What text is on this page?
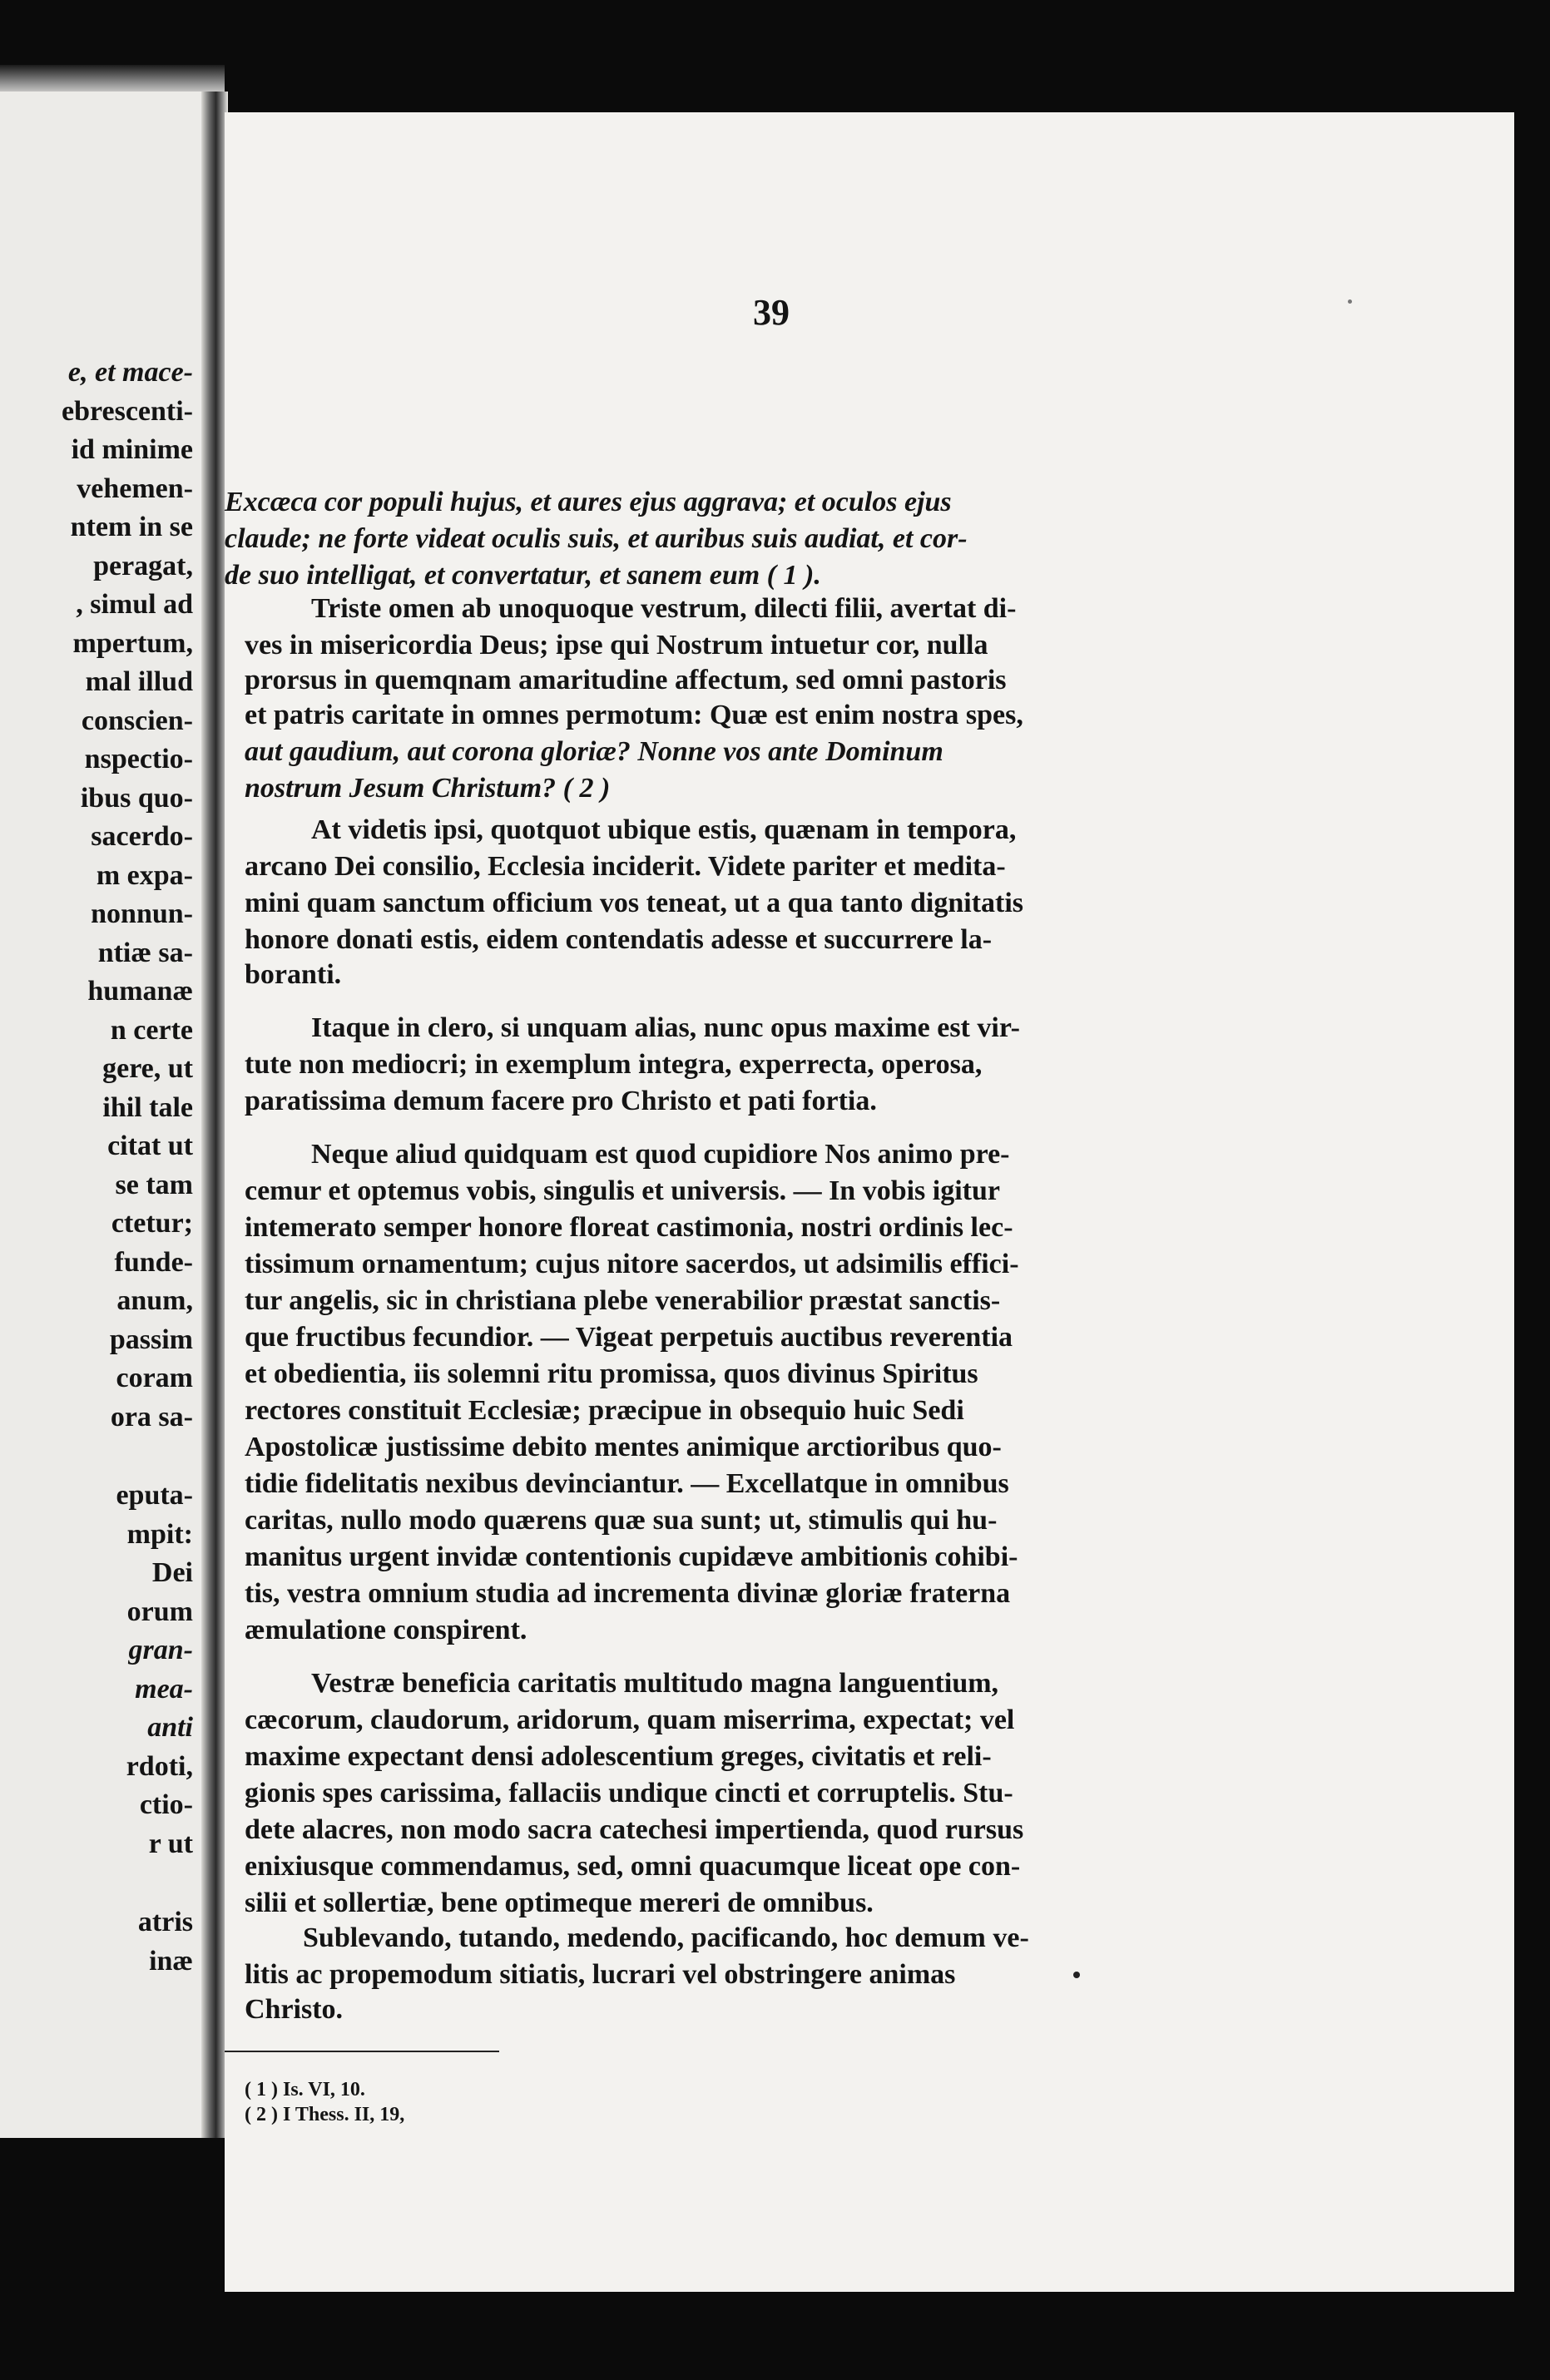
e, et mace-
ebrescenti-
id minime
vehemen-
ntem in se
peragat,
, simul ad
mpertum,
mal illud
conscien-
nspectio-
ibus quo-
sacerdo-
m expa-
nonnun-
ntiæ sa-
humanæ
n certe
gere, ut
ihil tale
citat ut
se tam
ctetur;
fundе-
anum,
passim
coram
ora sa-
eputa-
mpit:
Dei
orum
gran-
mea-
anti
rdoti,
ctio-
r ut
atris
inæ
39
Excæca cor populi hujus, et aures ejus aggrava; et oculos ejus
claude; ne forte videat oculis suis, et auribus suis audiat, et cor-
de suo intelligat, et convertatur, et sanem eum ( 1 ).
Triste omen ab unoquoque vestrum, dilecti filii, avertat di-
ves in misericordia Deus; ipse qui Nostrum intuetur cor, nulla
prorsus in quemqnam amaritudine affectum, sed omni pastoris
et patris caritate in omnes permotum: Quæ est enim nostra spes,
aut gaudium, aut corona gloriæ? Nonne vos ante Dominum
nostrum Jesum Christum? ( 2 )
At videtis ipsi, quotquot ubique estis, quænam in tempora,
arcano Dei consilio, Ecclesia inciderit. Videte pariter et medita-
mini quam sanctum officium vos teneat, ut a qua tanto dignitatis
honore donati estis, eidem contendatis adesse et succurrere la-
boranti.
Itaque in clero, si unquam alias, nunc opus maxime est vir-
tute non mediocri; in exemplum integra, experrecta, operosa,
paratissima demum facere pro Christo et pati fortia.
Neque aliud quidquam est quod cupidiore Nos animo pre-
cemur et optemus vobis, singulis et universis. — In vobis igitur
intemerato semper honore floreat castimonia, nostri ordinis lec-
tissimum ornamentum; cujus nitore sacerdos, ut adsimilis effici-
tur angelis, sic in christiana plebe venerabilior præstat sanctis-
que fructibus fecundior. — Vigeat perpetuis auctibus reverentia
et obedientia, iis solemni ritu promissa, quos divinus Spiritus
rectores constituit Ecclesiæ; præcipue in obsequio huic Sedi
Apostolicæ justissime debito mentes animique arctioribus quo-
tidie fidelitatis nexibus devinciantur. — Excellatque in omnibus
caritas, nullo modo quærens quæ sua sunt; ut, stimulis qui hu-
manitus urgent invidæ contentionis cupidæve ambitionis cohibi-
tis, vestra omnium studia ad incrementa divinæ gloriæ fraterna
æmulatione conspirent.
Vestræ beneficia caritatis multitudo magna languentium,
cæcorum, claudorum, aridorum, quam miserrima, expectat; vel
maxime expectant densi adolescentium greges, civitatis et reli-
gionis spes carissima, fallaciis undique cincti et corruptelis. Stu-
dete alacres, non modo sacra catechesi impertienda, quod rursus
enixiusque commendamus, sed, omni quacumque liceat ope con-
silii et sollertiæ, bene optimeque mereri de omnibus.
Sublevando, tutando, medendo, pacificando, hoc demum ve-
litis ac propemodum sitiatis, lucrari vel obstringere animas
Christo.
( 1 ) Is. VI, 10.
( 2 ) I Thess. II, 19,
